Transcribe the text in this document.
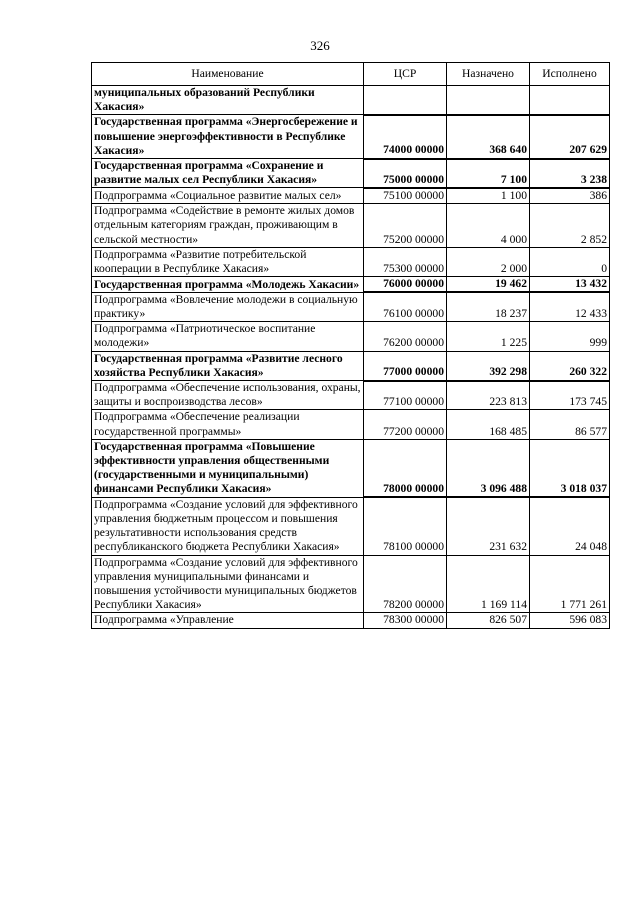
326
Наименование	ЦСР	Назначено	Исполнено
муниципальных образований Республики Хакасия»			
Государственная программа «Энергосбережение и повышение энергоэффективности в Республике Хакасия»	74000 00000	368 640	207 629
Государственная программа «Сохранение и развитие малых сел Республики Хакасия»	75000 00000	7 100	3 238
Подпрограмма «Социальное развитие малых сел»	75100 00000	1 100	386
Подпрограмма «Содействие в ремонте жилых домов отдельным категориям граждан, проживающим в сельской местности»	75200 00000	4 000	2 852
Подпрограмма «Развитие потребительской кооперации в Республике Хакасия»	75300 00000	2 000	0
Государственная программа «Молодежь Хакасии»	76000 00000	19 462	13 432
Подпрограмма «Вовлечение молодежи в социальную практику»	76100 00000	18 237	12 433
Подпрограмма «Патриотическое воспитание молодежи»	76200 00000	1 225	999
Государственная программа «Развитие лесного хозяйства Республики Хакасия»	77000 00000	392 298	260 322
Подпрограмма «Обеспечение использования, охраны, защиты и воспроизводства лесов»	77100 00000	223 813	173 745
Подпрограмма «Обеспечение реализации государственной программы»	77200 00000	168 485	86 577
Государственная программа «Повышение эффективности управления общественными (государственными и муниципальными) финансами Республики Хакасия»	78000 00000	3 096 488	3 018 037
Подпрограмма «Создание условий для эффективного управления бюджетным процессом и повышения результативности использования средств республиканского бюджета Республики Хакасия»	78100 00000	231 632	24 048
Подпрограмма «Создание условий для эффективного управления муниципальными финансами и повышения устойчивости муниципальных бюджетов Республики Хакасия»	78200 00000	1 169 114	1 771 261
Подпрограмма «Управление	78300 00000	826 507	596 083
